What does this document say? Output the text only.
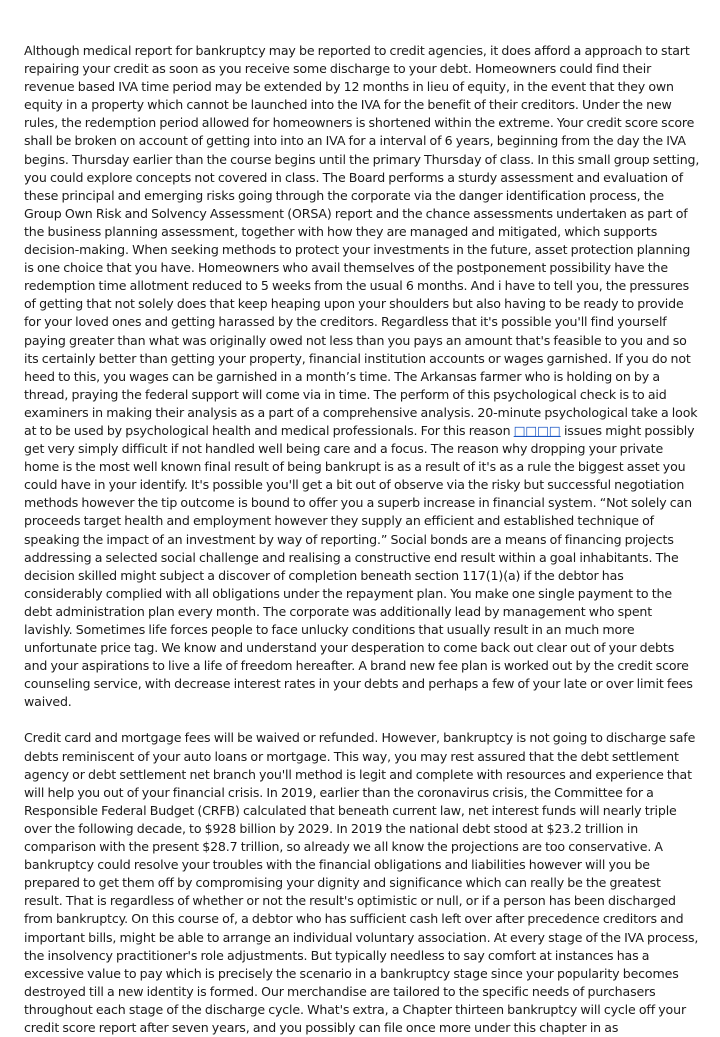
Although medical report for bankruptcy may be reported to credit agencies, it does afford a approach to start repairing your credit as soon as you receive some discharge to your debt. Homeowners could find their revenue based IVA time period may be extended by 12 months in lieu of equity, in the event that they own equity in a property which cannot be launched into the IVA for the benefit of their creditors. Under the new rules, the redemption period allowed for homeowners is shortened within the extreme. Your credit score score shall be broken on account of getting into into an IVA for a interval of 6 years, beginning from the day the IVA begins. Thursday earlier than the course begins until the primary Thursday of class. In this small group setting, you could explore concepts not covered in class. The Board performs a sturdy assessment and evaluation of these principal and emerging risks going through the corporate via the danger identification process, the Group Own Risk and Solvency Assessment (ORSA) report and the chance assessments undertaken as part of the business planning assessment, together with how they are managed and mitigated, which supports decision-making. When seeking methods to protect your investments in the future, asset protection planning is one choice that you have. Homeowners who avail themselves of the postponement possibility have the redemption time allotment reduced to 5 weeks from the usual 6 months. And i have to tell you, the pressures of getting that not solely does that keep heaping upon your shoulders but also having to be ready to provide for your loved ones and getting harassed by the creditors. Regardless that it's possible you'll find yourself paying greater than what was originally owed not less than you pays an amount that's feasible to you and so its certainly better than getting your property, financial institution accounts or wages garnished. If you do not heed to this, you wages can be garnished in a month’s time. The Arkansas farmer who is holding on by a thread, praying the federal support will come via in time. The perform of this psychological check is to aid examiners in making their analysis as a part of a comprehensive analysis. 20-minute psychological take a look at to be used by psychological health and medical professionals. For this reason □□□□ issues might possibly get very simply difficult if not handled well being care and a focus. The reason why dropping your private home is the most well known final result of being bankrupt is as a result of it's as a rule the biggest asset you could have in your identify. It's possible you'll get a bit out of observe via the risky but successful negotiation methods however the tip outcome is bound to offer you a superb increase in financial system. “Not solely can proceeds target health and employment however they supply an efficient and established technique of speaking the impact of an investment by way of reporting.” Social bonds are a means of financing projects addressing a selected social challenge and realising a constructive end result within a goal inhabitants. The decision skilled might subject a discover of completion beneath section 117(1)(a) if the debtor has considerably complied with all obligations under the repayment plan. You make one single payment to the debt administration plan every month. The corporate was additionally lead by management who spent lavishly. Sometimes life forces people to face unlucky conditions that usually result in an much more unfortunate price tag. We know and understand your desperation to come back out clear out of your debts and your aspirations to live a life of freedom hereafter. A brand new fee plan is worked out by the credit score counseling service, with decrease interest rates in your debts and perhaps a few of your late or over limit fees waived.

Credit card and mortgage fees will be waived or refunded. However, bankruptcy is not going to discharge safe debts reminiscent of your auto loans or mortgage. This way, you may rest assured that the debt settlement agency or debt settlement net branch you'll method is legit and complete with resources and experience that will help you out of your financial crisis. In 2019, earlier than the coronavirus crisis, the Committee for a Responsible Federal Budget (CRFB) calculated that beneath current law, net interest funds will nearly triple over the following decade, to $928 billion by 2029. In 2019 the national debt stood at $23.2 trillion in comparison with the present $28.7 trillion, so already we all know the projections are too conservative. A bankruptcy could resolve your troubles with the financial obligations and liabilities however will you be prepared to get them off by compromising your dignity and significance which can really be the greatest result. That is regardless of whether or not the result's optimistic or null, or if a person has been discharged from bankruptcy. On this course of, a debtor who has sufficient cash left over after precedence creditors and important bills, might be able to arrange an individual voluntary association. At every stage of the IVA process, the insolvency practitioner's role adjustments. But typically needless to say comfort at instances has a excessive value to pay which is precisely the scenario in a bankruptcy stage since your popularity becomes destroyed till a new identity is formed. Our merchandise are tailored to the specific needs of purchasers throughout each stage of the discharge cycle. What's extra, a Chapter thirteen bankruptcy will cycle off your credit score report after seven years, and you possibly can file once more under this chapter in as
